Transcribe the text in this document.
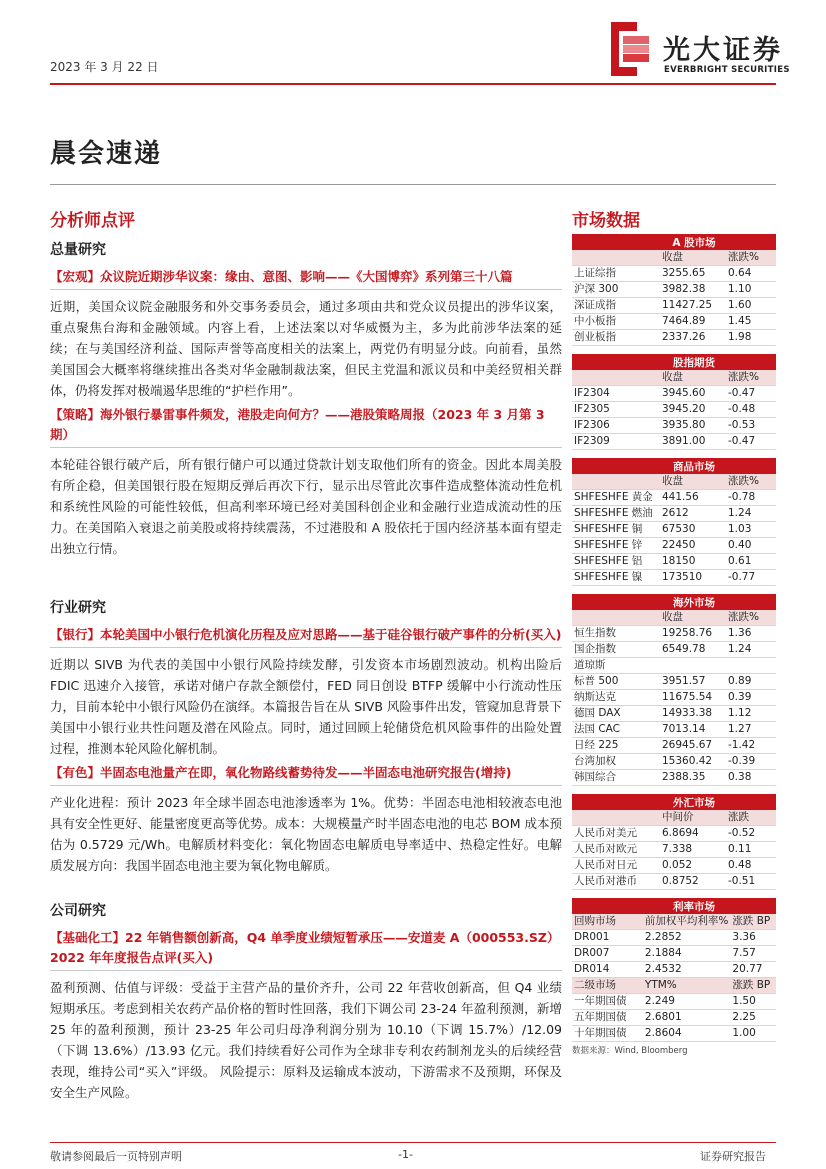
2023 年 3 月 22 日
光大证券
EVERBRIGHT SECURITIES
晨会速递
分析师点评
总量研究
【宏观】众议院近期涉华议案：缘由、意图、影响——《大国博弈》系列第三十八篇
近期，美国众议院金融服务和外交事务委员会，通过多项由共和党众议员提出的涉华议案，重点聚焦台海和金融领域。内容上看，上述法案以对华威慑为主，多为此前涉华法案的延续；在与美国经济利益、国际声誉等高度相关的法案上，两党仍有明显分歧。向前看，虽然美国国会大概率将继续推出各类对华金融制裁法案，但民主党温和派议员和中美经贸相关群体，仍将发挥对极端遏华思维的“护栏作用”。
【策略】海外银行暴雷事件频发，港股走向何方？——港股策略周报（2023 年 3 月第 3 期）
本轮硅谷银行破产后，所有银行储户可以通过贷款计划支取他们所有的资金。因此本周美股有所企稳，但美国银行股在短期反弹后再次下行，显示出尽管此次事件造成整体流动性危机和系统性风险的可能性较低，但高利率环境已经对美国科创企业和金融行业造成流动性的压力。在美国陷入衰退之前美股或将持续震荡，不过港股和 A 股依托于国内经济基本面有望走出独立行情。
行业研究
【银行】本轮美国中小银行危机演化历程及应对思路——基于硅谷银行破产事件的分析(买入)
近期以 SIVB 为代表的美国中小银行风险持续发酵，引发资本市场剧烈波动。机构出险后 FDIC 迅速介入接管，承诺对储户存款全额偿付，FED 同日创设 BTFP 缓解中小行流动性压力，目前本轮中小银行风险仍在演绎。本篇报告旨在从 SIVB 风险事件出发，管窥加息背景下美国中小银行业共性问题及潜在风险点。同时，通过回顾上轮储贷危机风险事件的出险处置过程，推测本轮风险化解机制。
【有色】半固态电池量产在即，氧化物路线蓄势待发——半固态电池研究报告(增持)
产业化进程：预计 2023 年全球半固态电池渗透率为 1%。优势：半固态电池相较液态电池具有安全性更好、能量密度更高等优势。成本：大规模量产时半固态电池的电芯 BOM 成本预估为 0.5729 元/Wh。电解质材料变化：氧化物固态电解质电导率适中、热稳定性好。电解质发展方向：我国半固态电池主要为氧化物电解质。
公司研究
【基础化工】22 年销售额创新高，Q4 单季度业绩短暂承压——安道麦 A（000553.SZ）2022 年年度报告点评(买入)
盈利预测、估值与评级：受益于主营产品的量价齐升，公司 22 年营收创新高，但 Q4 业绩短期承压。考虑到相关农药产品价格的暂时性回落，我们下调公司 23-24 年盈利预测，新增 25 年的盈利预测，预计 23-25 年公司归母净利润分别为 10.10（下调 15.7%）/12.09（下调 13.6%）/13.93 亿元。我们持续看好公司作为全球非专利农药制剂龙头的后续经营表现，维持公司“买入”评级。 风险提示：原料及运输成本波动，下游需求不及预期，环保及安全生产风险。
市场数据
A 股市场		
	收盘	涨跌%
上证综指	3255.65	0.64
沪深 300	3982.38	1.10
深证成指	11427.25	1.60
中小板指	7464.89	1.45
创业板指	2337.26	1.98
股指期货		
	收盘	涨跌%
IF2304	3945.60	-0.47
IF2305	3945.20	-0.48
IF2306	3935.80	-0.53
IF2309	3891.00	-0.47
商品市场		
	收盘	涨跌%
SHFESHFE 黄金	441.56	-0.78
SHFESHFE 燃油	2612	1.24
SHFESHFE 铜	67530	1.03
SHFESHFE 锌	22450	0.40
SHFESHFE 铝	18150	0.61
SHFESHFE 镍	173510	-0.77
海外市场		
	收盘	涨跌%
恒生指数	19258.76	1.36
国企指数	6549.78	1.24
道琼斯		
标普 500	3951.57	0.89
纳斯达克	11675.54	0.39
德国 DAX	14933.38	1.12
法国 CAC	7013.14	1.27
日经 225	26945.67	-1.42
台湾加权	15360.42	-0.39
韩国综合	2388.35	0.38
外汇市场		
	中间价	涨跌
人民币对美元	6.8694	-0.52
人民币对欧元	7.338	0.11
人民币对日元	0.052	0.48
人民币对港币	0.8752	-0.51
利率市场		
回购市场	前加权平均利率%	涨跌 BP
DR001	2.2852	3.36
DR007	2.1884	7.57
DR014	2.4532	20.77
二级市场	YTM%	涨跌 BP
一年期国债	2.249	1.50
五年期国债	2.6801	2.25
十年期国债	2.8604	1.00
数据来源：Wind, Bloomberg
敬请参阅最后一页特别声明	-1-	证券研究报告
